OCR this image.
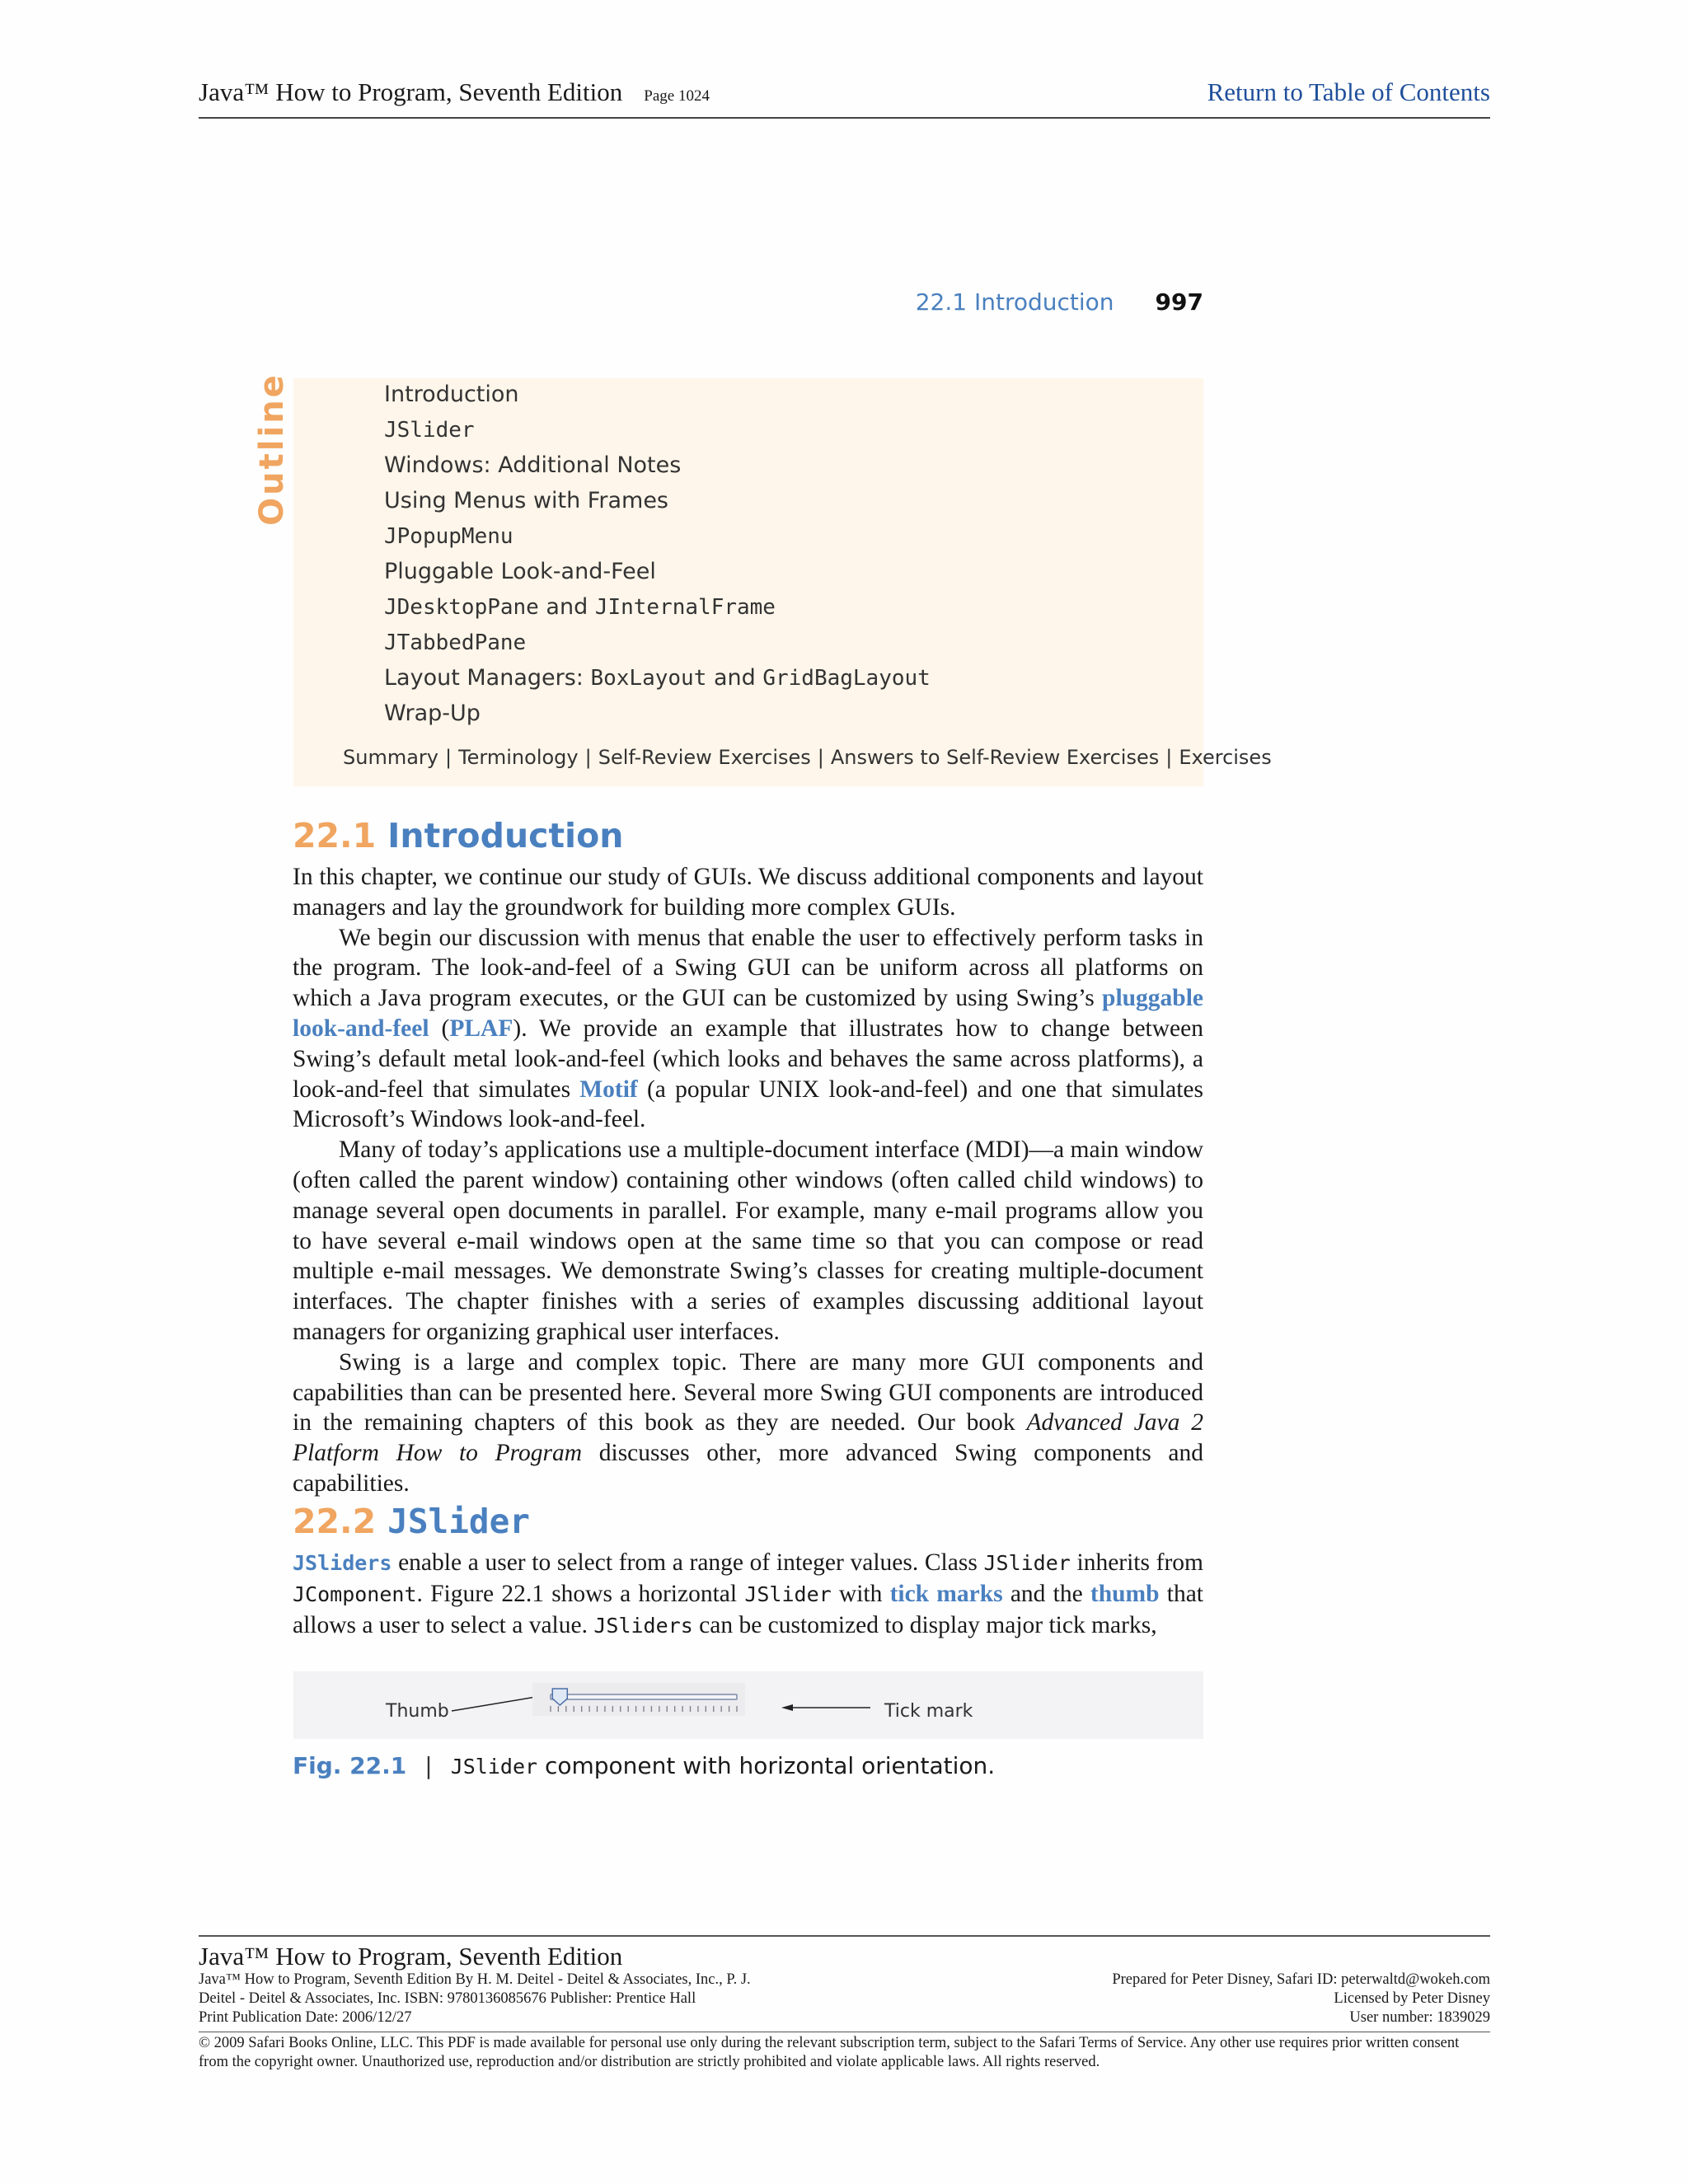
Java™ How to Program, Seventh Edition Page 1024	Return to Table of Contents
22.1 Introduction 997
Outline	Introduction
JSlider
Windows: Additional Notes
Using Menus with Frames
JPopupMenu
Pluggable Look-and-Feel
JDesktopPane and JInternalFrame
JTabbedPane
Layout Managers: BoxLayout and GridBagLayout
Wrap-Up
Summary | Terminology | Self-Review Exercises | Answers to Self-Review Exercises | Exercises
22.1 Introduction

In this chapter, we continue our study of GUIs. We discuss additional components and layout managers and lay the groundwork for building more complex GUIs.

We begin our discussion with menus that enable the user to effectively perform tasks in the program. The look-and-feel of a Swing GUI can be uniform across all platforms on which a Java program executes, or the GUI can be customized by using Swing’s pluggable look-and-feel (PLAF). We provide an example that illustrates how to change between Swing’s default metal look-and-feel (which looks and behaves the same across platforms), a look-and-feel that simulates Motif (a popular UNIX look-and-feel) and one that simulates Microsoft’s Windows look-and-feel.

Many of today’s applications use a multiple-document interface (MDI)—a main window (often called the parent window) containing other windows (often called child windows) to manage several open documents in parallel. For example, many e-mail programs allow you to have several e-mail windows open at the same time so that you can compose or read multiple e-mail messages. We demonstrate Swing’s classes for creating multiple-document interfaces. The chapter finishes with a series of examples discussing additional layout managers for organizing graphical user interfaces.

Swing is a large and complex topic. There are many more GUI components and capabilities than can be presented here. Several more Swing GUI components are introduced in the remaining chapters of this book as they are needed. Our book Advanced Java 2 Platform How to Program discusses other, more advanced Swing components and capabilities.

22.2 JSlider

JSliders enable a user to select from a range of integer values. Class JSlider inherits from JComponent. Figure 22.1 shows a horizontal JSlider with tick marks and the thumb that allows a user to select a value. JSliders can be customized to display major tick marks,

Thumb	Tick mark
Fig. 22.1 | JSlider component with horizontal orientation.
Java™ How to Program, Seventh Edition
Java™ How to Program, Seventh Edition By H. M. Deitel - Deitel & Associates, Inc., P. J.	Prepared for Peter Disney, Safari ID: peterwaltd@wokeh.com
Deitel - Deitel & Associates, Inc. ISBN: 9780136085676 Publisher: Prentice Hall	Licensed by Peter Disney
Print Publication Date: 2006/12/27	User number: 1839029
© 2009 Safari Books Online, LLC. This PDF is made available for personal use only during the relevant subscription term, subject to the Safari Terms of Service. Any other use requires prior written consent from the copyright owner. Unauthorized use, reproduction and/or distribution are strictly prohibited and violate applicable laws. All rights reserved.
